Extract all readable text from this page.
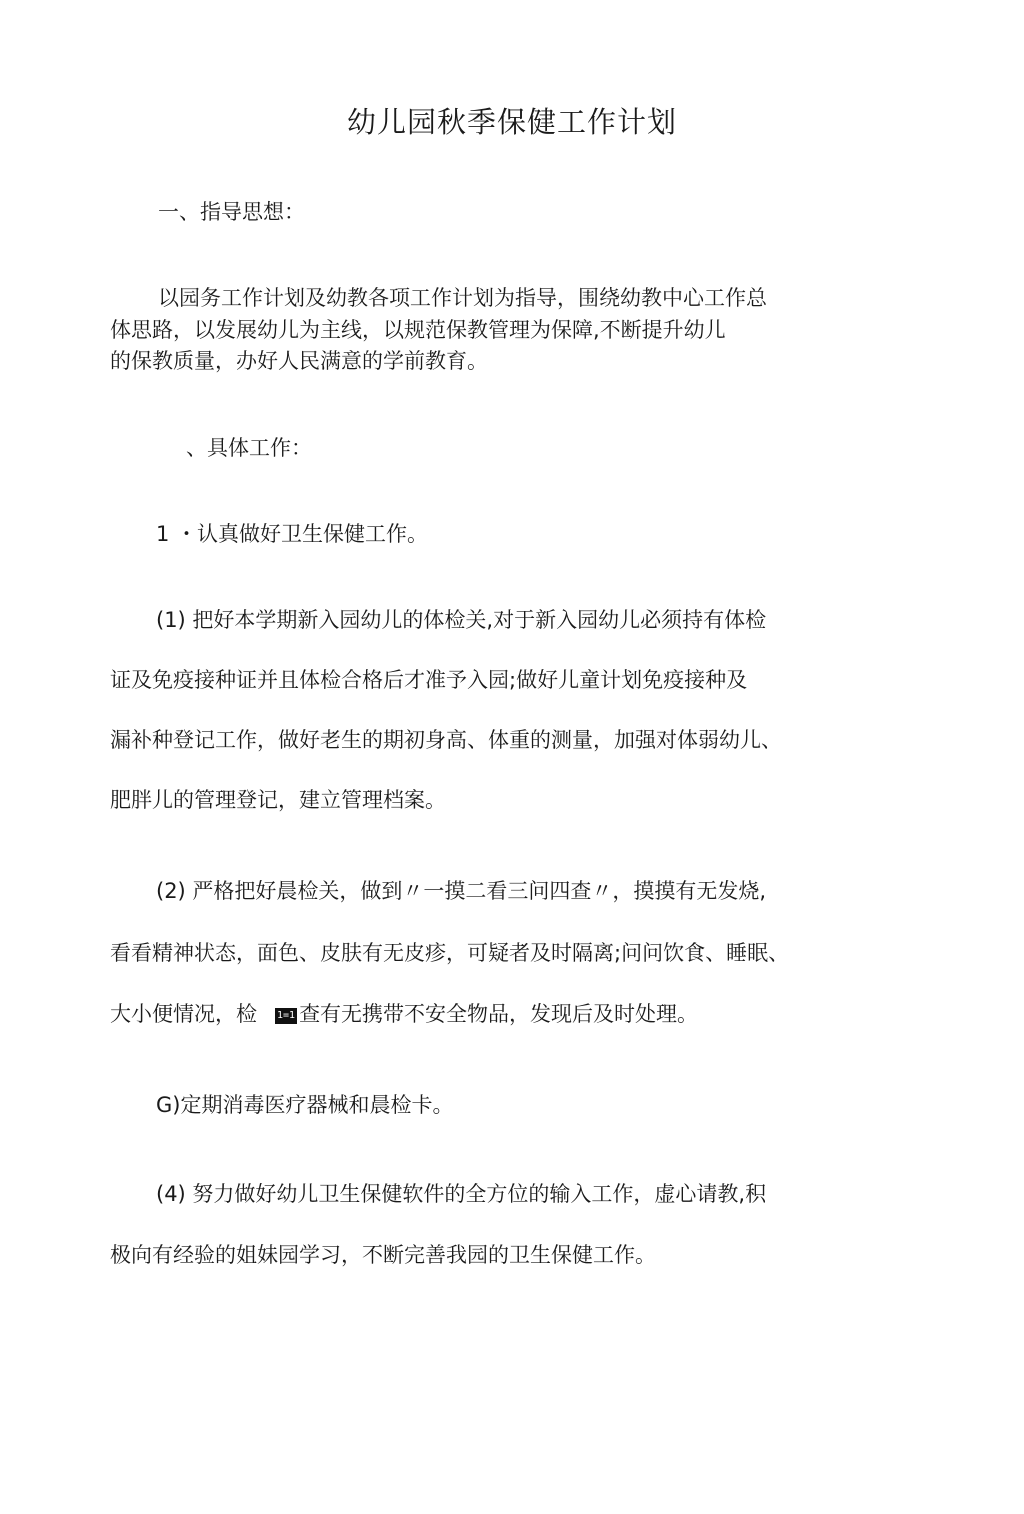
幼儿园秋季保健工作计划

一、指导思想：

以园务工作计划及幼教各项工作计划为指导，围绕幼教中心工作总

体思路，以发展幼儿为主线，以规范保教管理为保障,不断提升幼儿

的保教质量，办好人民满意的学前教育。

、具体工作：

1 ・认真做好卫生保健工作。

(1) 把好本学期新入园幼儿的体检关,对于新入园幼儿必须持有体检

证及免疫接种证并且体检合格后才准予入园;做好儿童计划免疫接种及

漏补种登记工作，做好老生的期初身高、体重的测量，加强对体弱幼儿、

肥胖儿的管理登记，建立管理档案。

(2) 严格把好晨检关，做到〃一摸二看三问四查〃，摸摸有无发烧,

看看精神状态，面色、皮肤有无皮疹，可疑者及时隔离;问问饮食、睡眠、

大小便情况，检 1=1 查有无携带不安全物品，发现后及时处理。

G)定期消毒医疗器械和晨检卡。

(4) 努力做好幼儿卫生保健软件的全方位的输入工作，虚心请教,积

极向有经验的姐妹园学习，不断完善我园的卫生保健工作。
